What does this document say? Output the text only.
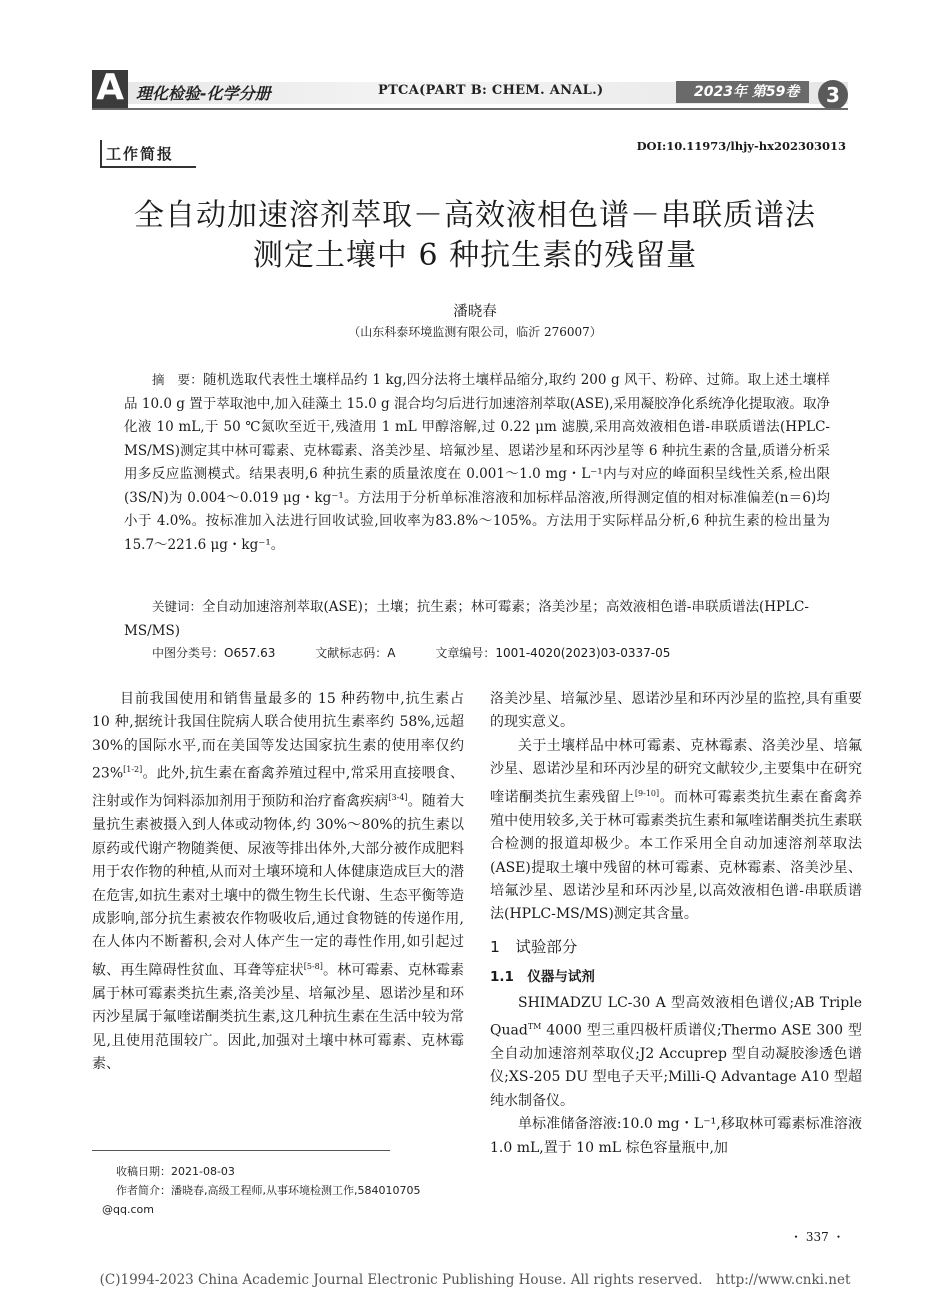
A 理化检验-化学分册	PTCA(PART B: CHEM. ANAL.)	2023年 第59卷	3
工作简报	DOI:10.11973/lhjy-hx202303013
全自动加速溶剂萃取－高效液相色谱－串联质谱法
测定土壤中 6 种抗生素的残留量
潘晓春
（山东科泰环境监测有限公司，临沂 276007）
摘　要：随机选取代表性土壤样品约 1 kg,四分法将土壤样品缩分,取约 200 g 风干、粉碎、过筛。取上述土壤样品 10.0 g 置于萃取池中,加入硅藻土 15.0 g 混合均匀后进行加速溶剂萃取(ASE),采用凝胶净化系统净化提取液。取净化液 10 mL,于 50 ℃氮吹至近干,残渣用 1 mL 甲醇溶解,过 0.22 μm 滤膜,采用高效液相色谱-串联质谱法(HPLC-MS/MS)测定其中林可霉素、克林霉素、洛美沙星、培氟沙星、恩诺沙星和环丙沙星等 6 种抗生素的含量,质谱分析采用多反应监测模式。结果表明,6 种抗生素的质量浓度在 0.001～1.0 mg・L⁻¹内与对应的峰面积呈线性关系,检出限(3S/N)为 0.004～0.019 μg・kg⁻¹。方法用于分析单标准溶液和加标样品溶液,所得测定值的相对标准偏差(n＝6)均小于 4.0%。按标准加入法进行回收试验,回收率为83.8%～105%。方法用于实际样品分析,6 种抗生素的检出量为 15.7～221.6 μg・kg⁻¹。
关键词：全自动加速溶剂萃取(ASE)；土壤；抗生素；林可霉素；洛美沙星；高效液相色谱-串联质谱法(HPLC-MS/MS)
中图分类号：O657.63	文献标志码：A	文章编号：1001-4020(2023)03-0337-05

目前我国使用和销售量最多的 15 种药物中,抗生素占 10 种,据统计我国住院病人联合使用抗生素率约 58%,远超 30%的国际水平,而在美国等发达国家抗生素的使用率仅约 23%[1-2]。此外,抗生素在畜禽养殖过程中,常采用直接喂食、注射或作为饲料添加剂用于预防和治疗畜禽疾病[3-4]。随着大量抗生素被摄入到人体或动物体,约 30%～80%的抗生素以原药或代谢产物随粪便、尿液等排出体外,大部分被作成肥料用于农作物的种植,从而对土壤环境和人体健康造成巨大的潜在危害,如抗生素对土壤中的微生物生长代谢、生态平衡等造成影响,部分抗生素被农作物吸收后,通过食物链的传递作用,在人体内不断蓄积,会对人体产生一定的毒性作用,如引起过敏、再生障碍性贫血、耳聋等症状[5-8]。林可霉素、克林霉素属于林可霉素类抗生素,洛美沙星、培氟沙星、恩诺沙星和环丙沙星属于氟喹诺酮类抗生素,这几种抗生素在生活中较为常见,且使用范围较广。因此,加强对土壤中林可霉素、克林霉素、

洛美沙星、培氟沙星、恩诺沙星和环丙沙星的监控,具有重要的现实意义。

关于土壤样品中林可霉素、克林霉素、洛美沙星、培氟沙星、恩诺沙星和环丙沙星的研究文献较少,主要集中在研究喹诺酮类抗生素残留上[9-10]。而林可霉素类抗生素在畜禽养殖中使用较多,关于林可霉素类抗生素和氟喹诺酮类抗生素联合检测的报道却极少。本工作采用全自动加速溶剂萃取法(ASE)提取土壤中残留的林可霉素、克林霉素、洛美沙星、培氟沙星、恩诺沙星和环丙沙星,以高效液相色谱-串联质谱法(HPLC-MS/MS)测定其含量。

1　试验部分

1.1　仪器与试剂

SHIMADZU LC-30 A 型高效液相色谱仪;AB Triple Quad™ 4000 型三重四极杆质谱仪;Thermo ASE 300 型全自动加速溶剂萃取仪;J2 Accuprep 型自动凝胶渗透色谱仪;XS-205 DU 型电子天平;Milli-Q Advantage A10 型超纯水制备仪。

单标准储备溶液:10.0 mg・L⁻¹,移取林可霉素标准溶液 1.0 mL,置于 10 mL 棕色容量瓶中,加

收稿日期：2021-08-03
作者简介：潘晓春,高级工程师,从事环境检测工作,584010705
@qq.com
・ 337 ・
(C)1994-2023 China Academic Journal Electronic Publishing House. All rights reserved.　http://www.cnki.net
